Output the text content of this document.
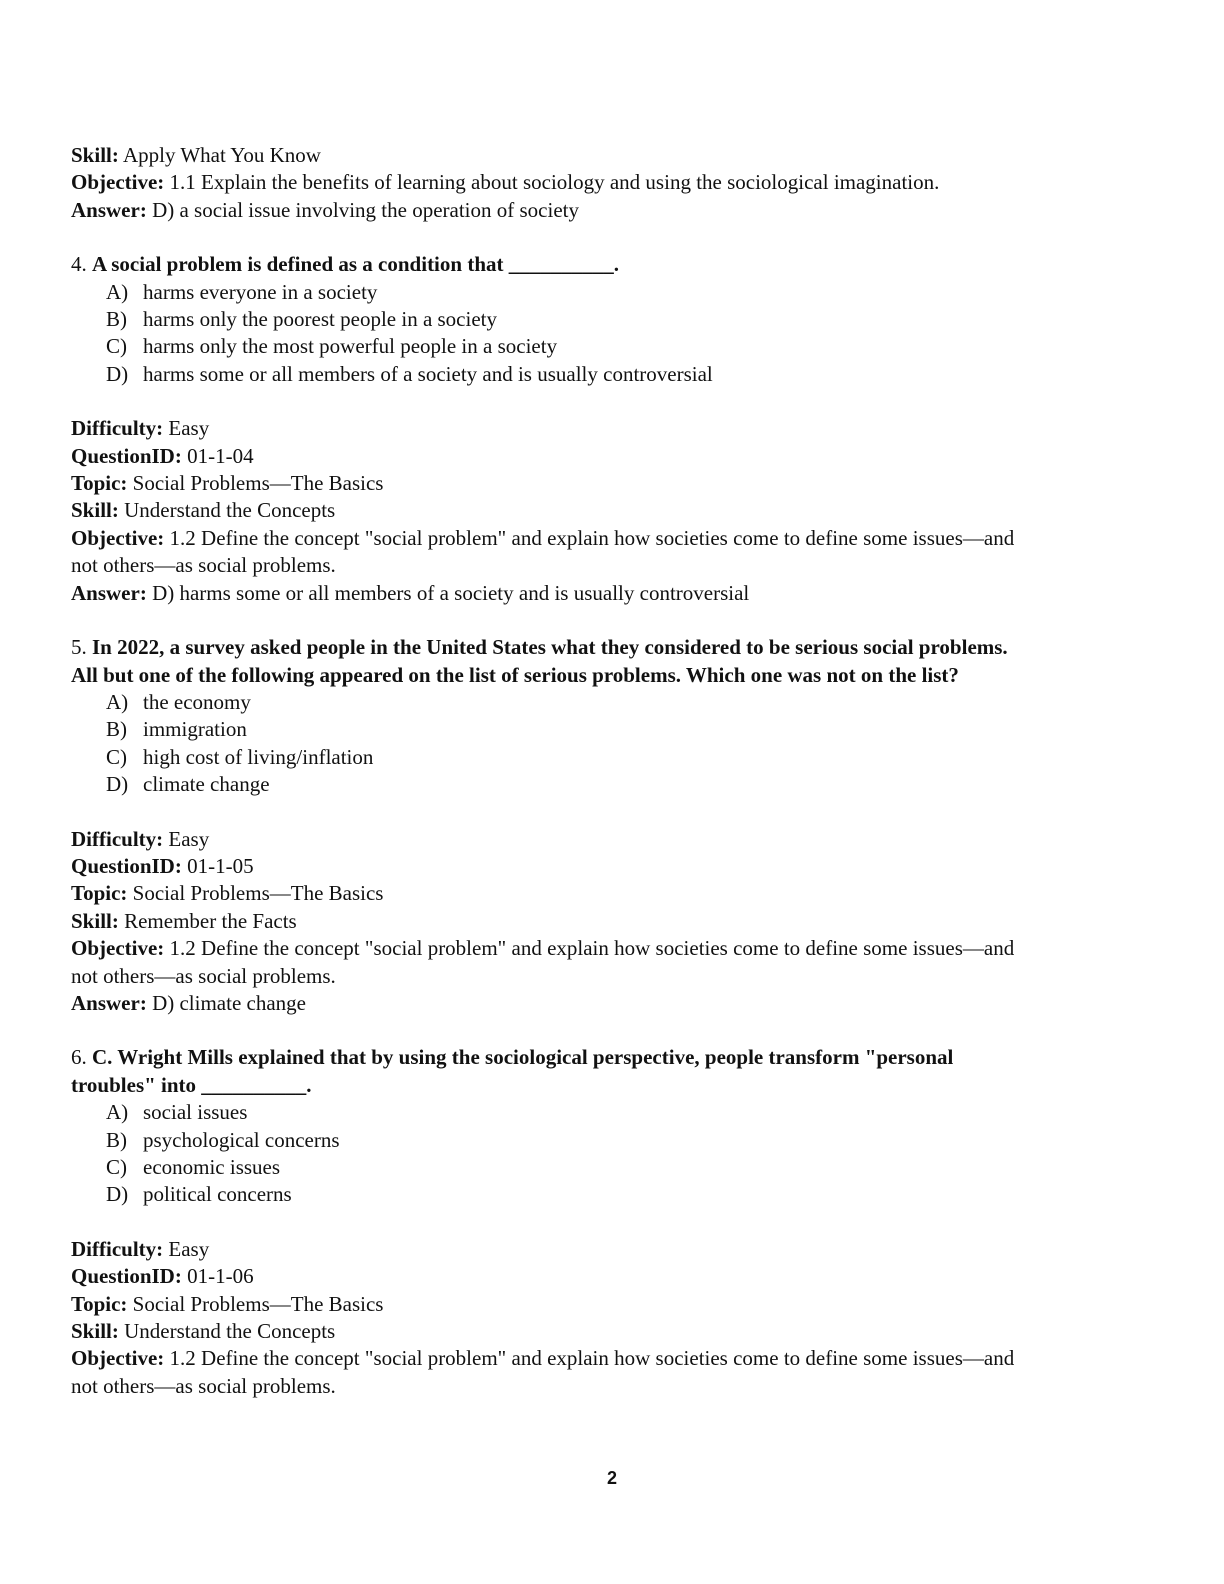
Skill: Apply What You Know
Objective: 1.1 Explain the benefits of learning about sociology and using the sociological imagination.
Answer: D) a social issue involving the operation of society
4. A social problem is defined as a condition that __________.
A) harms everyone in a society
B) harms only the poorest people in a society
C) harms only the most powerful people in a society
D) harms some or all members of a society and is usually controversial
Difficulty: Easy
QuestionID: 01-1-04
Topic: Social Problems—The Basics
Skill: Understand the Concepts
Objective: 1.2 Define the concept "social problem" and explain how societies come to define some issues—and
not others—as social problems.
Answer: D) harms some or all members of a society and is usually controversial
5. In 2022, a survey asked people in the United States what they considered to be serious social problems.
All but one of the following appeared on the list of serious problems. Which one was not on the list?
A) the economy
B) immigration
C) high cost of living/inflation
D) climate change
Difficulty: Easy
QuestionID: 01-1-05
Topic: Social Problems—The Basics
Skill: Remember the Facts
Objective: 1.2 Define the concept "social problem" and explain how societies come to define some issues—and
not others—as social problems.
Answer: D) climate change
6. C. Wright Mills explained that by using the sociological perspective, people transform "personal
troubles" into __________.
A) social issues
B) psychological concerns
C) economic issues
D) political concerns
Difficulty: Easy
QuestionID: 01-1-06
Topic: Social Problems—The Basics
Skill: Understand the Concepts
Objective: 1.2 Define the concept "social problem" and explain how societies come to define some issues—and
not others—as social problems.
2
